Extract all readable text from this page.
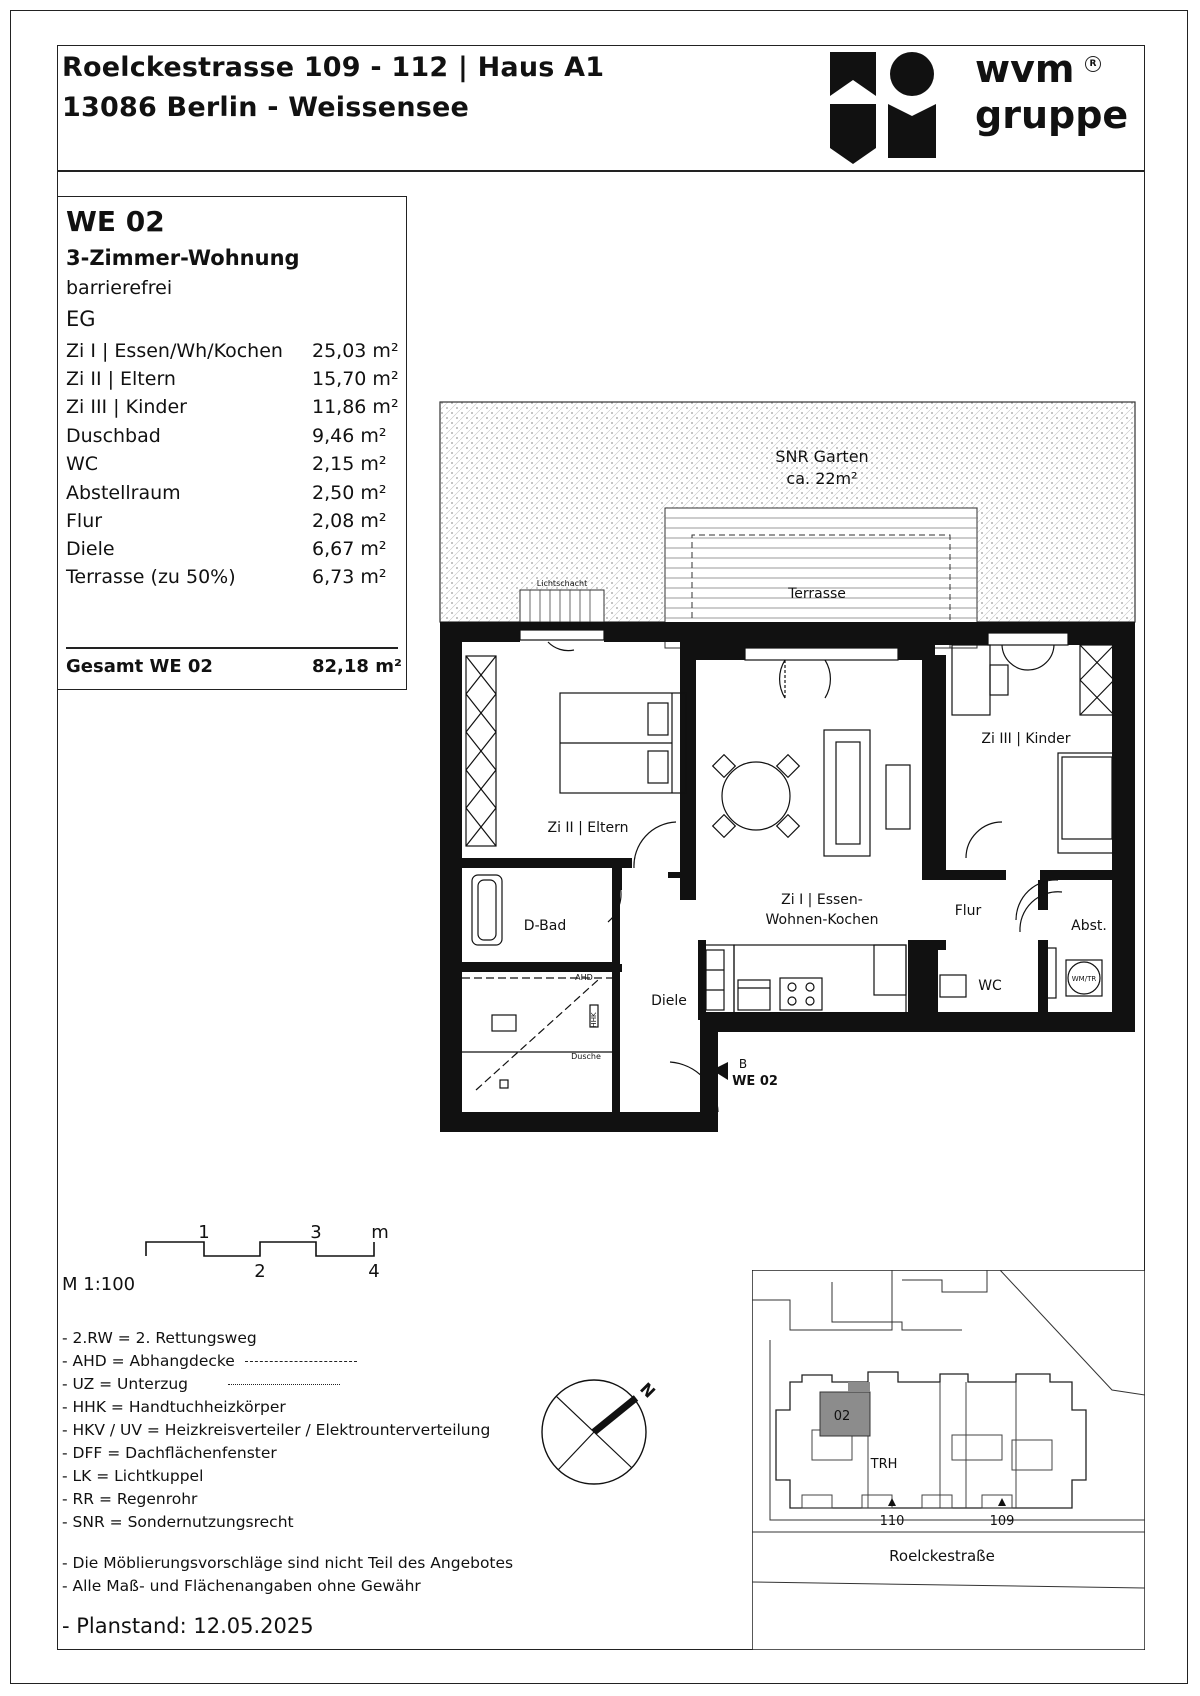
Roelckestrasse 109 - 112 | Haus A1
13086 Berlin - Weissensee
wvm	R
gruppe
WE 02
3-Zimmer-Wohnung
barrierefrei
EG
Zi I | Essen/Wh/Kochen 25,03 m²
Zi II | Eltern	15,70 m²
Zi III | Kinder	11,86 m²
Duschbad	9,46 m²
WC	2,15 m²
Abstellraum	2,50 m²
Flur	2,08 m²
Diele	6,67 m²
Terrasse (zu 50%)	6,73 m²
Gesamt WE 02	82,18 m²
SNR Garten
ca. 22m²
Terrasse
Lichtschacht
Zi II | Eltern
Zi III | Kinder
Zi I | Essen-
Wohnen-Kochen
Flur
Abst.
D-Bad
WC
Diele
AHD
Dusche
HHK
WM/TR
B
WE 02
1	3	m
2	4
M 1:100
- 2.RW = 2. Rettungsweg
- AHD = Abhangdecke
- UZ = Unterzug
- HHK = Handtuchheizkörper
- HKV / UV = Heizkreisverteiler / Elektrounterverteilung
- DFF = Dachflächenfenster
- LK = Lichtkuppel
- RR = Regenrohr
- SNR = Sondernutzungsrecht
- Die Möblierungsvorschläge sind nicht Teil des Angebotes
- Alle Maß- und Flächenangaben ohne Gewähr
- Planstand: 12.05.2025
N
02
TRH
110	109
Roelckestraße
